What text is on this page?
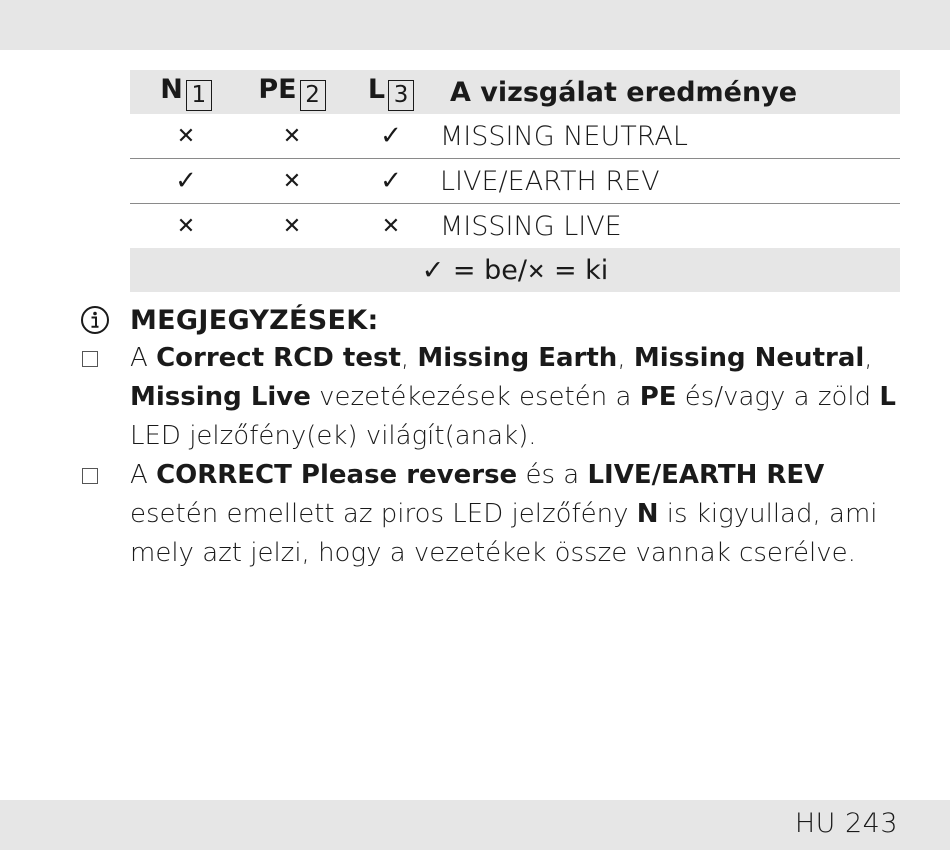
N 1	PE 2	L 3	A vizsgálat eredménye
✕	✕	✓	MISSING NEUTRAL
✓	✕	✓	LIVE/EARTH REV
✕	✕	✕	MISSING LIVE
✓ = be/✕ = ki			
MEGJEGYZÉSEK:
A Correct RCD test, Missing Earth, Missing Neutral, Missing Live vezetékezések esetén a PE és/vagy a zöld L LED jelzőfény(ek) világít(anak).
A CORRECT Please reverse és a LIVE/EARTH REV esetén emellett az piros LED jelzőfény N is kigyullad, ami mely azt jelzi, hogy a vezetékek össze vannak cserélve.
HU 243
